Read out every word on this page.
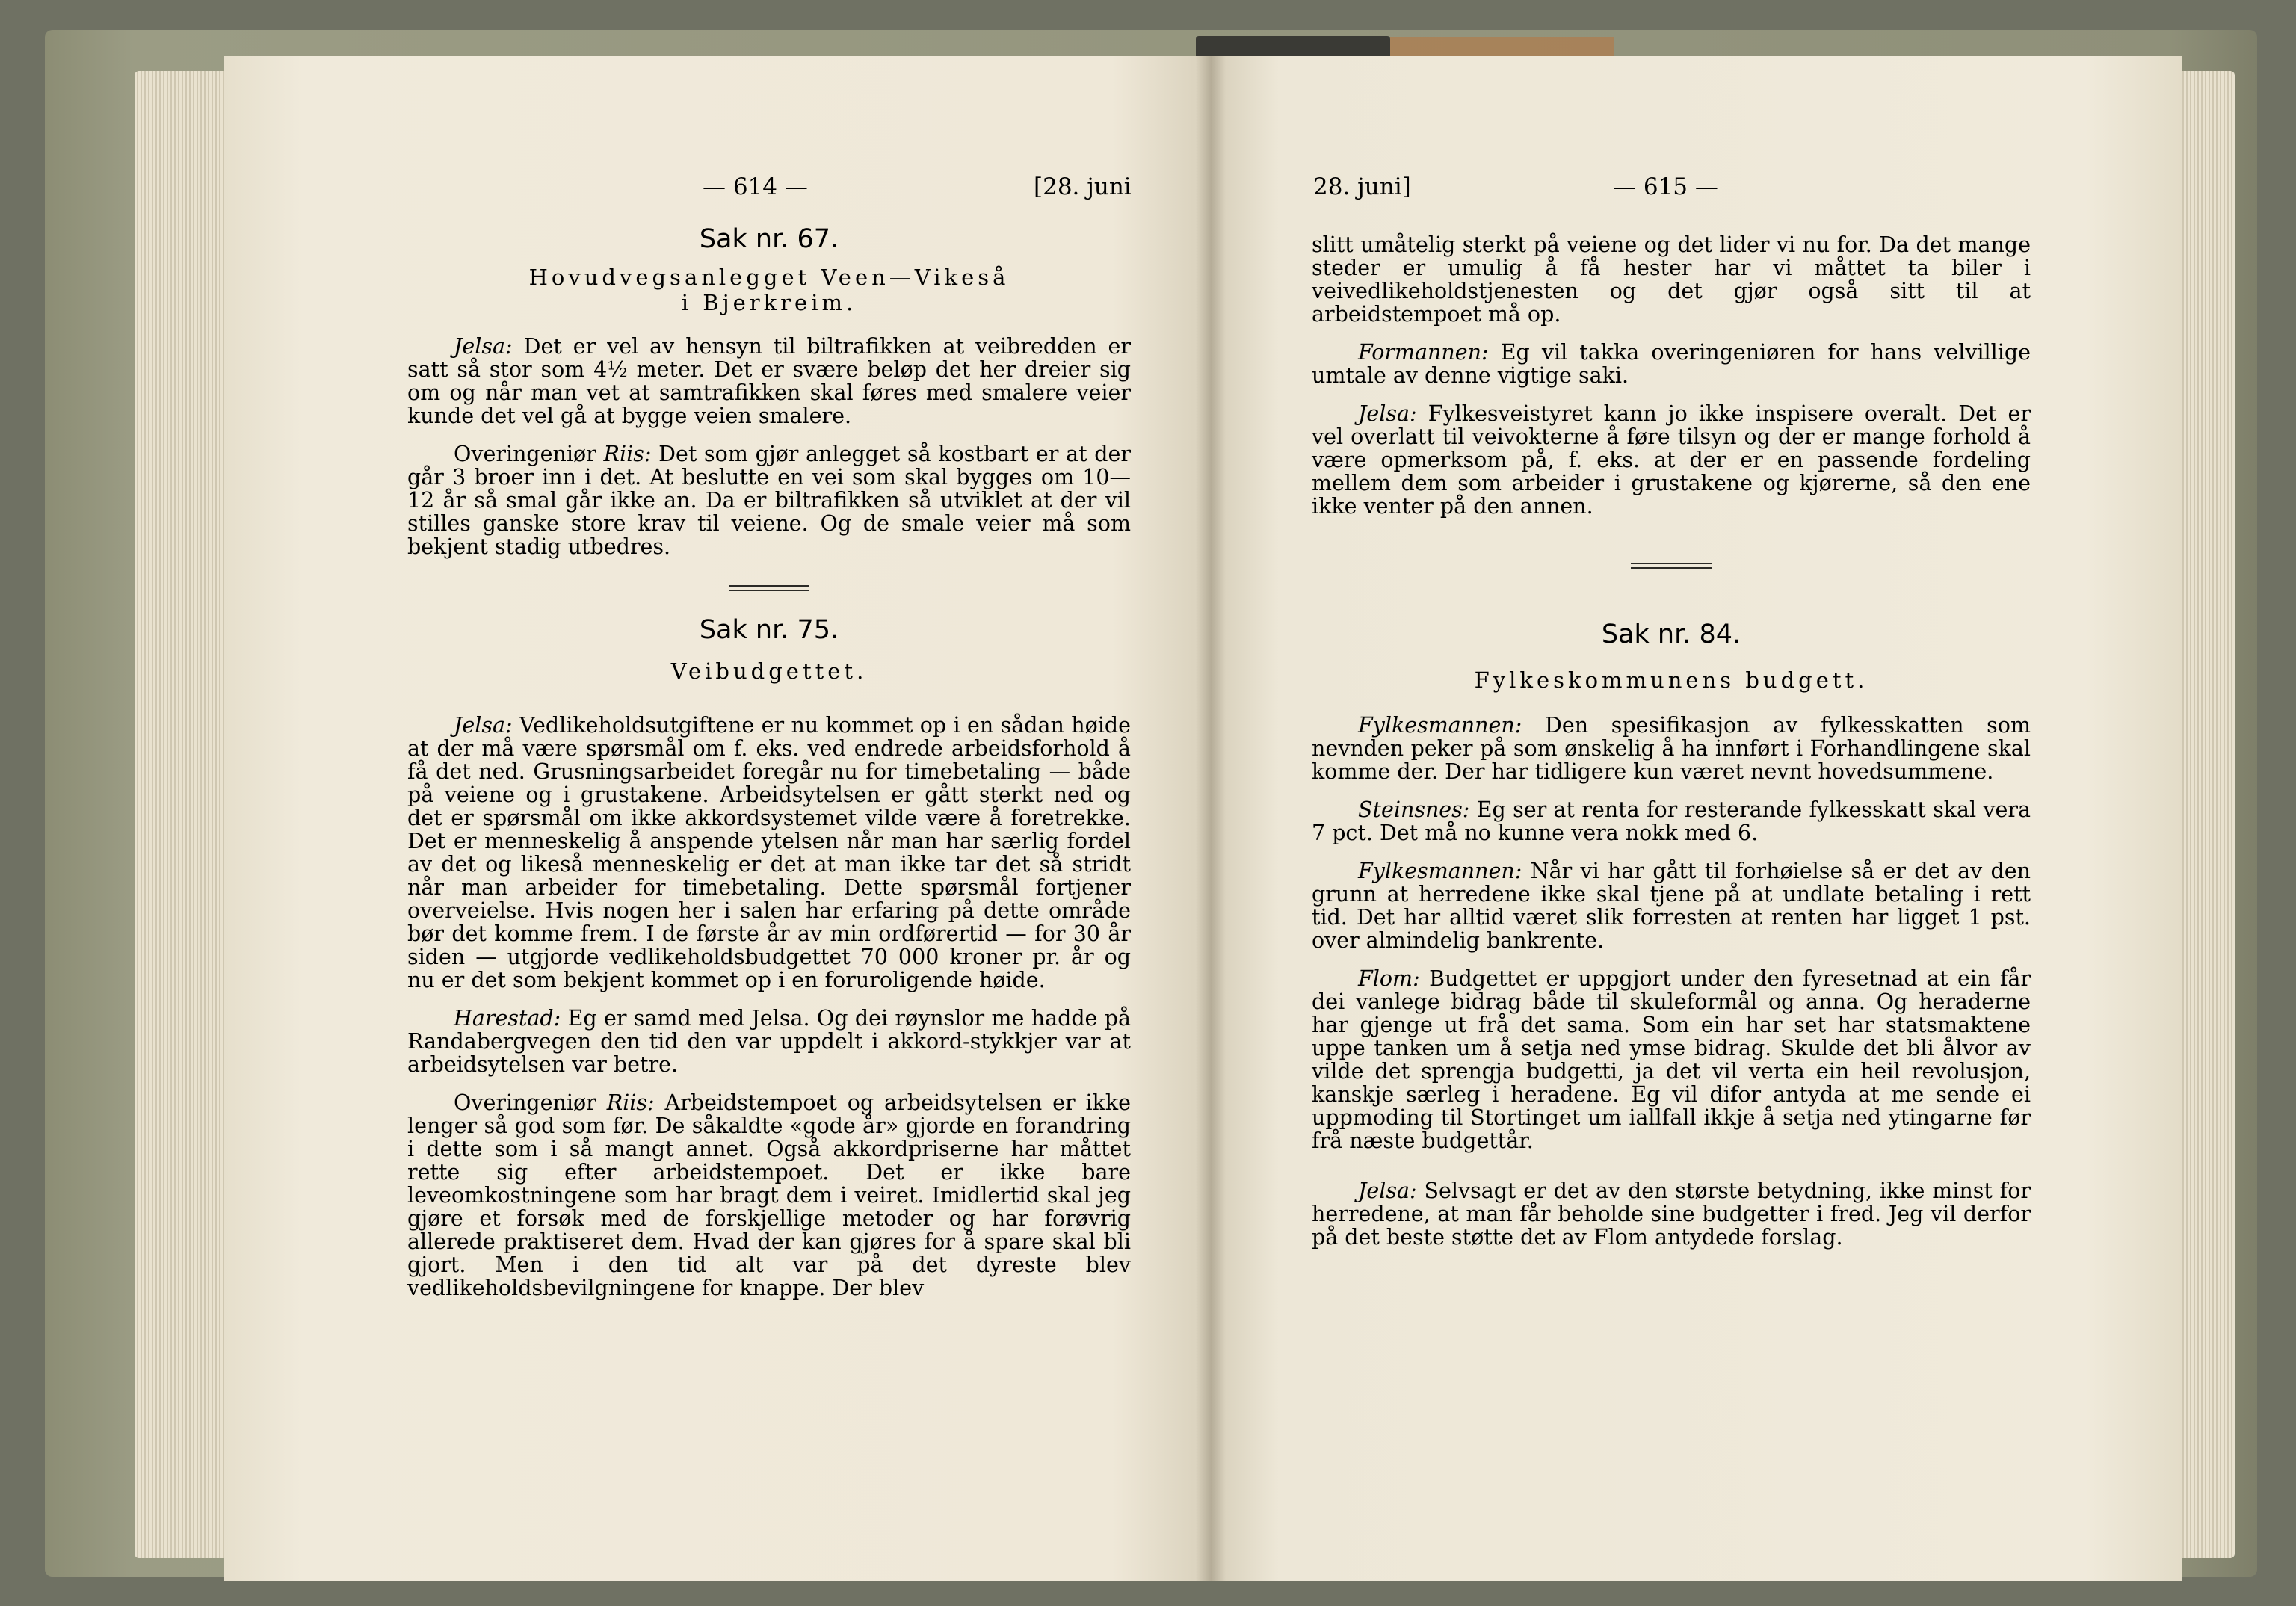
— 614 —	[28. juni
Sak nr. 67.
Hovudvegsanlegget Veen—Vikeså
i Bjerkreim.

Jelsa: Det er vel av hensyn til biltrafikken at veibredden er satt så stor som 4½ meter. Det er svære beløp det her dreier sig om og når man vet at samtrafikken skal føres med smalere veier kunde det vel gå at bygge veien smalere.

Overingeniør Riis: Det som gjør anlegget så kostbart er at der går 3 broer inn i det. At beslutte en vei som skal bygges om 10—12 år så smal går ikke an. Da er biltrafikken så utviklet at der vil stilles ganske store krav til veiene. Og de smale veier må som bekjent stadig utbedres.

Sak nr. 75.
Veibudgettet.

Jelsa: Vedlikeholdsutgiftene er nu kommet op i en sådan høide at der må være spørsmål om f. eks. ved endrede arbeidsforhold å få det ned. Grusningsarbeidet foregår nu for timebetaling — både på veiene og i grustakene. Arbeidsytelsen er gått sterkt ned og det er spørsmål om ikke akkordsystemet vilde være å foretrekke. Det er menneskelig å anspende ytelsen når man har særlig fordel av det og likeså menneskelig er det at man ikke tar det så stridt når man arbeider for timebetaling. Dette spørsmål fortjener overveielse. Hvis nogen her i salen har erfaring på dette område bør det komme frem. I de første år av min ordførertid — for 30 år siden — utgjorde vedlikeholdsbudgettet 70 000 kroner pr. år og nu er det som bekjent kommet op i en foruroligende høide.

Harestad: Eg er samd med Jelsa. Og dei røynslor me hadde på Randabergvegen den tid den var uppdelt i akkord-stykkjer var at arbeidsytelsen var betre.

Overingeniør Riis: Arbeidstempoet og arbeidsytelsen er ikke lenger så god som før. De såkaldte «gode år» gjorde en forandring i dette som i så mangt annet. Også akkordpriserne har måttet rette sig efter arbeidstempoet. Det er ikke bare leveomkostningene som har bragt dem i veiret. Imidlertid skal jeg gjøre et forsøk med de forskjellige metoder og har forøvrig allerede praktiseret dem. Hvad der kan gjøres for å spare skal bli gjort. Men i den tid alt var på det dyreste blev vedlikeholdsbevilgningene for knappe. Der blev

28. juni]	— 615 —

slitt umåtelig sterkt på veiene og det lider vi nu for. Da det mange steder er umulig å få hester har vi måttet ta biler i veivedlikeholdstjenesten og det gjør også sitt til at arbeidstempoet må op.

Formannen: Eg vil takka overingeniøren for hans velvillige umtale av denne vigtige saki.

Jelsa: Fylkesveistyret kann jo ikke inspisere overalt. Det er vel overlatt til veivokterne å føre tilsyn og der er mange forhold å være opmerksom på, f. eks. at der er en passende fordeling mellem dem som arbeider i grustakene og kjørerne, så den ene ikke venter på den annen.

Sak nr. 84.
Fylkeskommunens budgett.

Fylkesmannen: Den spesifikasjon av fylkesskatten som nevnden peker på som ønskelig å ha innført i Forhandlingene skal komme der. Der har tidligere kun været nevnt hovedsummene.

Steinsnes: Eg ser at renta for resterande fylkesskatt skal vera 7 pct. Det må no kunne vera nokk med 6.

Fylkesmannen: Når vi har gått til forhøielse så er det av den grunn at herredene ikke skal tjene på at undlate betaling i rett tid. Det har alltid været slik forresten at renten har ligget 1 pst. over almindelig bankrente.

Flom: Budgettet er uppgjort under den fyresetnad at ein får dei vanlege bidrag både til skuleformål og anna. Og heraderne har gjenge ut frå det sama. Som ein har set har statsmaktene uppe tanken um å setja ned ymse bidrag. Skulde det bli ålvor av vilde det sprengja budgetti, ja det vil verta ein heil revolusjon, kanskje særleg i heradene. Eg vil difor antyda at me sende ei uppmoding til Stortinget um iallfall ikkje å setja ned ytingarne før frå næste budgettår.

Jelsa: Selvsagt er det av den største betydning, ikke minst for herredene, at man får beholde sine budgetter i fred. Jeg vil derfor på det beste støtte det av Flom antydede forslag.
